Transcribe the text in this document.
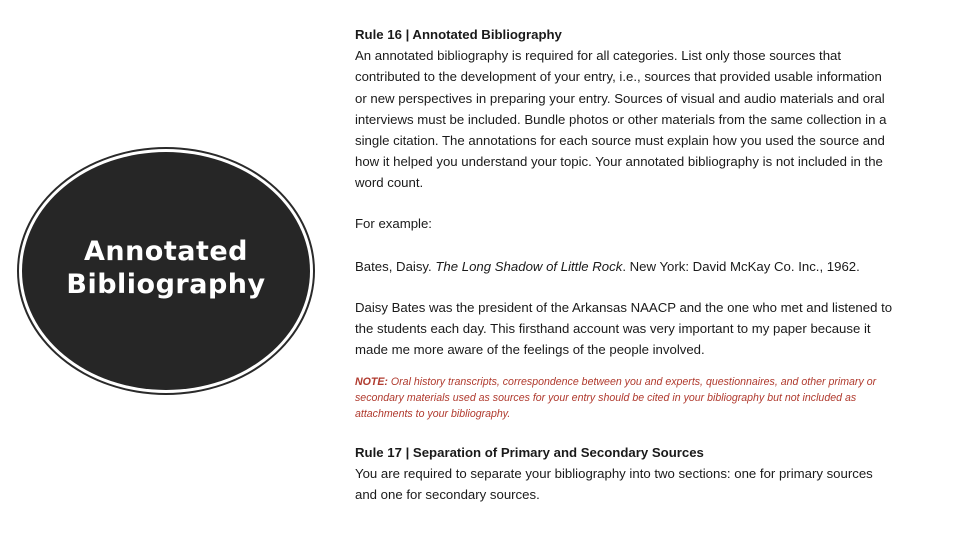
Annotated
Bibliography

Rule 16 | Annotated Bibliography

An annotated bibliography is required for all categories. List only those sources that contributed to the development of your entry, i.e., sources that provided usable information or new perspectives in preparing your entry. Sources of visual and audio materials and oral interviews must be included. Bundle photos or other materials from the same collection in a single citation. The annotations for each source must explain how you used the source and how it helped you understand your topic. Your annotated bibliography is not included in the word count.

For example:

Bates, Daisy. The Long Shadow of Little Rock. New York: David McKay Co. Inc., 1962.

Daisy Bates was the president of the Arkansas NAACP and the one who met and listened to the students each day. This firsthand account was very important to my paper because it made me more aware of the feelings of the people involved.

NOTE: Oral history transcripts, correspondence between you and experts, questionnaires, and other primary or secondary materials used as sources for your entry should be cited in your bibliography but not included as attachments to your bibliography.

Rule 17 | Separation of Primary and Secondary Sources

You are required to separate your bibliography into two sections: one for primary sources and one for secondary sources.
